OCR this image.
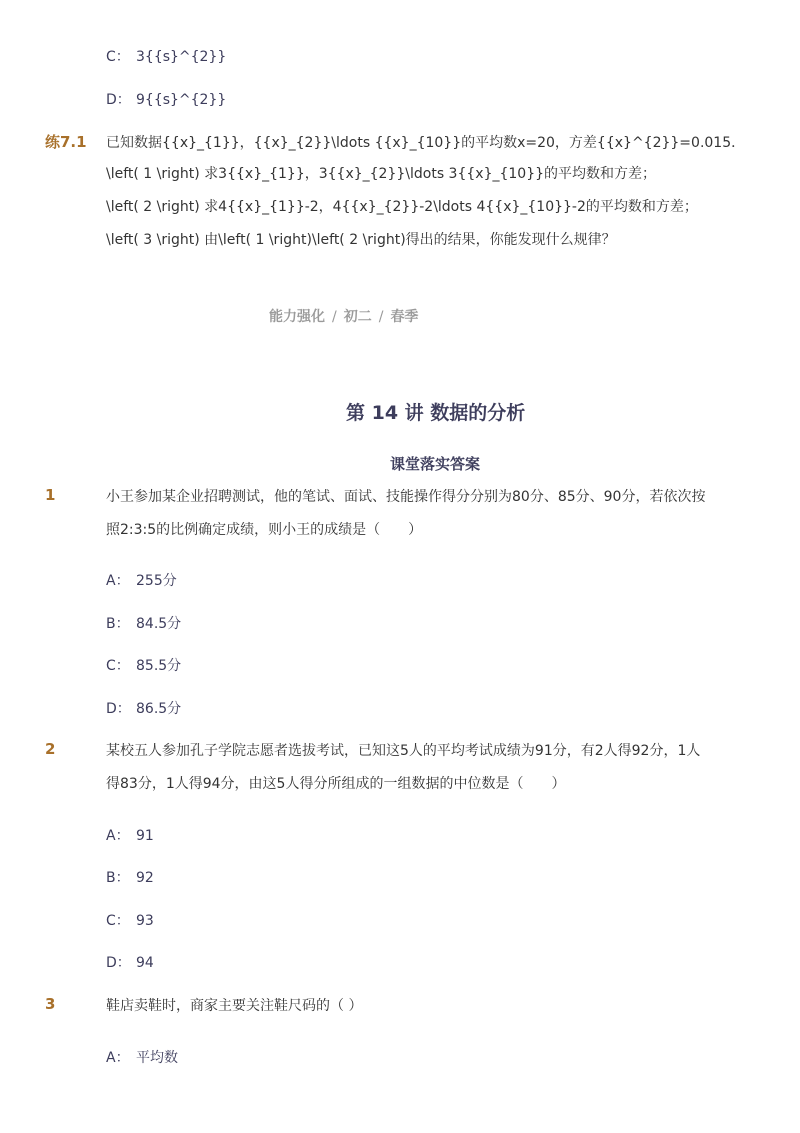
C： 3{{s}^{2}}
D： 9{{s}^{2}}
练7.1 已知数据{{x}_{1}}，{{x}_{2}}\ldots {{x}_{10}}的平均数x=20，方差{{x}^{2}}=0.015．
\left( 1 \right) 求3{{x}_{1}}，3{{x}_{2}}\ldots 3{{x}_{10}}的平均数和方差；
\left( 2 \right) 求4{{x}_{1}}-2，4{{x}_{2}}-2\ldots 4{{x}_{10}}-2的平均数和方差；
\left( 3 \right) 由\left( 1 \right)\left( 2 \right)得出的结果，你能发现什么规律？
能力强化 / 初二 / 春季
第 14 讲 数据的分析
课堂落实答案
1	小王参加某企业招聘测试，他的笔试、面试、技能操作得分分别为80分、85分、90分，若依次按
照2:3:5的比例确定成绩，则小王的成绩是（　　）
A： 255分
B： 84.5分
C： 85.5分
D： 86.5分
2	某校五人参加孔子学院志愿者选拔考试，已知这5人的平均考试成绩为91分，有2人得92分，1人
得83分，1人得94分，由这5人得分所组成的一组数据的中位数是（　　）
A： 91
B： 92
C： 93
D： 94
3	鞋店卖鞋时，商家主要关注鞋尺码的（ ）
A： 平均数
